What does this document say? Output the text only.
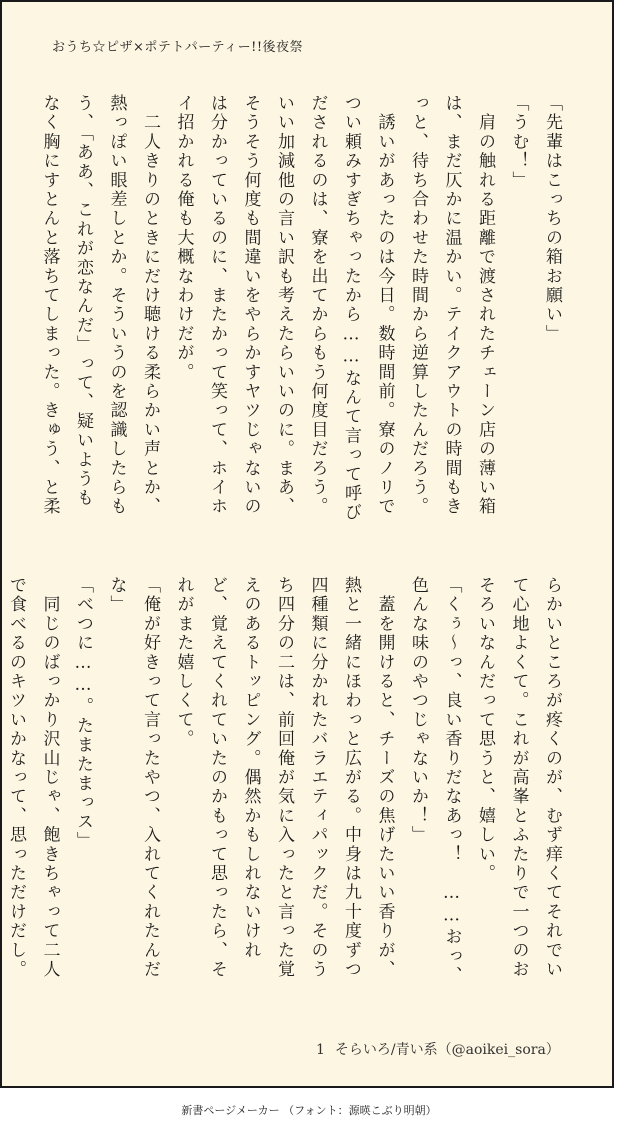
おうち☆ピザ×ポテトパーティー!!後夜祭

「先輩はこっちの箱お願い」

「うむ！」

　肩の触れる距離で渡されたチェーン店の薄い箱は、まだ仄かに温かい。テイクアウトの時間もきっと、待ち合わせた時間から逆算したんだろう。

　誘いがあったのは今日。数時間前。寮のノリでつい頼みすぎちゃったから……なんて言って呼びだされるのは、寮を出てからもう何度目だろう。いい加減他の言い訳も考えたらいいのに。まあ、そうそう何度も間違いをやらかすヤツじゃないのは分かっているのに、またかって笑って、ホイホイ招かれる俺も大概なわけだが。

　二人きりのときにだけ聴ける柔らかい声とか、熱っぽい眼差しとか。そういうのを認識したらもう、「ああ、これが恋なんだ」って、疑いようもなく胸にすとんと落ちてしまった。きゅう、と柔

らかいところが疼くのが、むず痒くてそれでいて心地よくて。これが高峯とふたりで一つのおそろいなんだって思うと、嬉しい。

「くぅ〜っ、良い香りだなあっ！　……おっ、色んな味のやつじゃないか！」

　蓋を開けると、チーズの焦げたいい香りが、熱と一緒にほわっと広がる。中身は九十度ずつ四種類に分かれたバラエティパックだ。そのうち四分の二は、前回俺が気に入ったと言った覚えのあるトッピング。偶然かもしれないけれど、覚えてくれていたのかもって思ったら、それがまた嬉しくて。

「俺が好きって言ったやつ、入れてくれたんだな」

「べつに……。たまたまっス」

　同じのばっかり沢山じゃ、飽きちゃって二人で食べるのキツいかなって、思っただけだし。

1 そらいろ/青い系（@aoikei_sora）
新書ページメーカー （フォント：源暎こぶり明朝）
